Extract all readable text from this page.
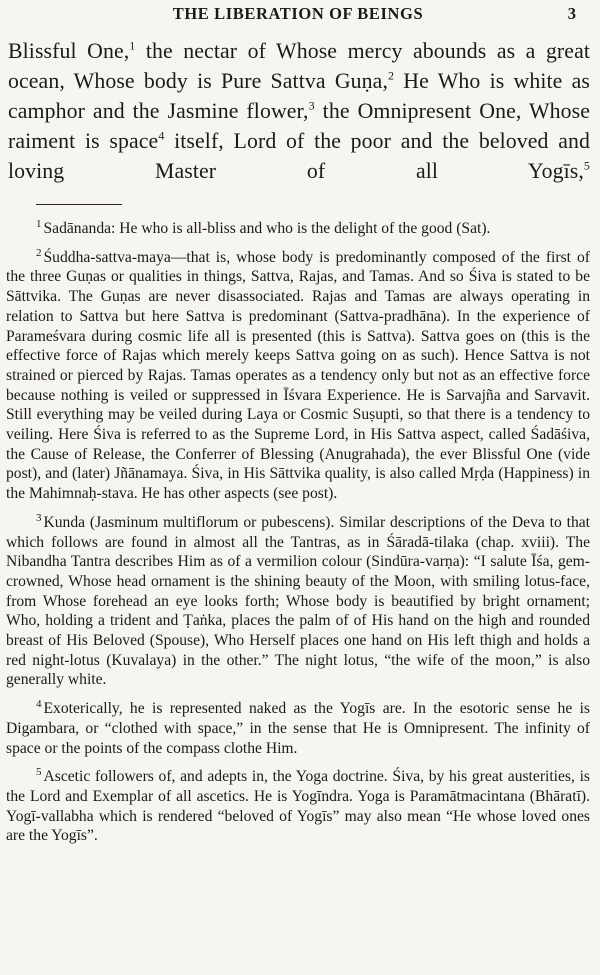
THE LIBERATION OF BEINGS	3
Blissful One,$^1$ the nectar of Whose mercy abounds as a great ocean, Whose body is Pure Sattva Guṇa,$^2$ He Who is white as camphor and the Jasmine flower,$^3$ the Omnipresent One, Whose raiment is space$^4$ itself, Lord of the poor and the beloved and loving Master of all Yogīs,$^5$

$^1$ Sadānanda: He who is all-bliss and who is the delight of the good (Sat).

$^2$ Śuddha-sattva-maya—that is, whose body is predominantly composed of the first of the three Guṇas or qualities in things, Sattva, Rajas, and Tamas. And so Śiva is stated to be Sāttvika. The Guṇas are never disassociated. Rajas and Tamas are always operating in relation to Sattva but here Sattva is predominant (Sattva-pradhāna). In the experience of Parameśvara during cosmic life all is presented (this is Sattva). Sattva goes on (this is the effective force of Rajas which merely keeps Sattva going on as such). Hence Sattva is not strained or pierced by Rajas. Tamas operates as a tendency only but not as an effective force because nothing is veiled or suppressed in Īśvara Experience. He is Sarvajña and Sarvavit. Still everything may be veiled during Laya or Cosmic Suṣupti, so that there is a tendency to veiling. Here Śiva is referred to as the Supreme Lord, in His Sattva aspect, called Śadāśiva, the Cause of Release, the Conferrer of Blessing (Anugrahada), the ever Blissful One (vide post), and (later) Jñānamaya. Śiva, in His Sāttvika quality, is also called Mṛḍa (Happiness) in the Mahimnaḥ-stava. He has other aspects (see post).

$^3$ Kunda (Jasminum multiflorum or pubescens). Similar descriptions of the Deva to that which follows are found in almost all the Tantras, as in Śāradā-tilaka (chap. xviii). The Nibandha Tantra describes Him as of a vermilion colour (Sindūra-varṇa): “I salute Īśa, gem-crowned, Whose head ornament is the shining beauty of the Moon, with smiling lotus-face, from Whose forehead an eye looks forth; Whose body is beautified by bright ornament; Who, holding a trident and Ṭaṅka, places the palm of of His hand on the high and rounded breast of His Beloved (Spouse), Who Herself places one hand on His left thigh and holds a red night-lotus (Kuvalaya) in the other.” The night lotus, “the wife of the moon,” is also generally white.

$^4$ Exoterically, he is represented naked as the Yogīs are. In the esotoric sense he is Digambara, or “clothed with space,” in the sense that He is Omnipresent. The infinity of space or the points of the compass clothe Him.

$^5$ Ascetic followers of, and adepts in, the Yoga doctrine. Śiva, by his great austerities, is the Lord and Exemplar of all ascetics. He is Yogīndra. Yoga is Paramātmacintana (Bhāratī). Yogī-vallabha which is rendered “beloved of Yogīs” may also mean “He whose loved ones are the Yogīs”.
